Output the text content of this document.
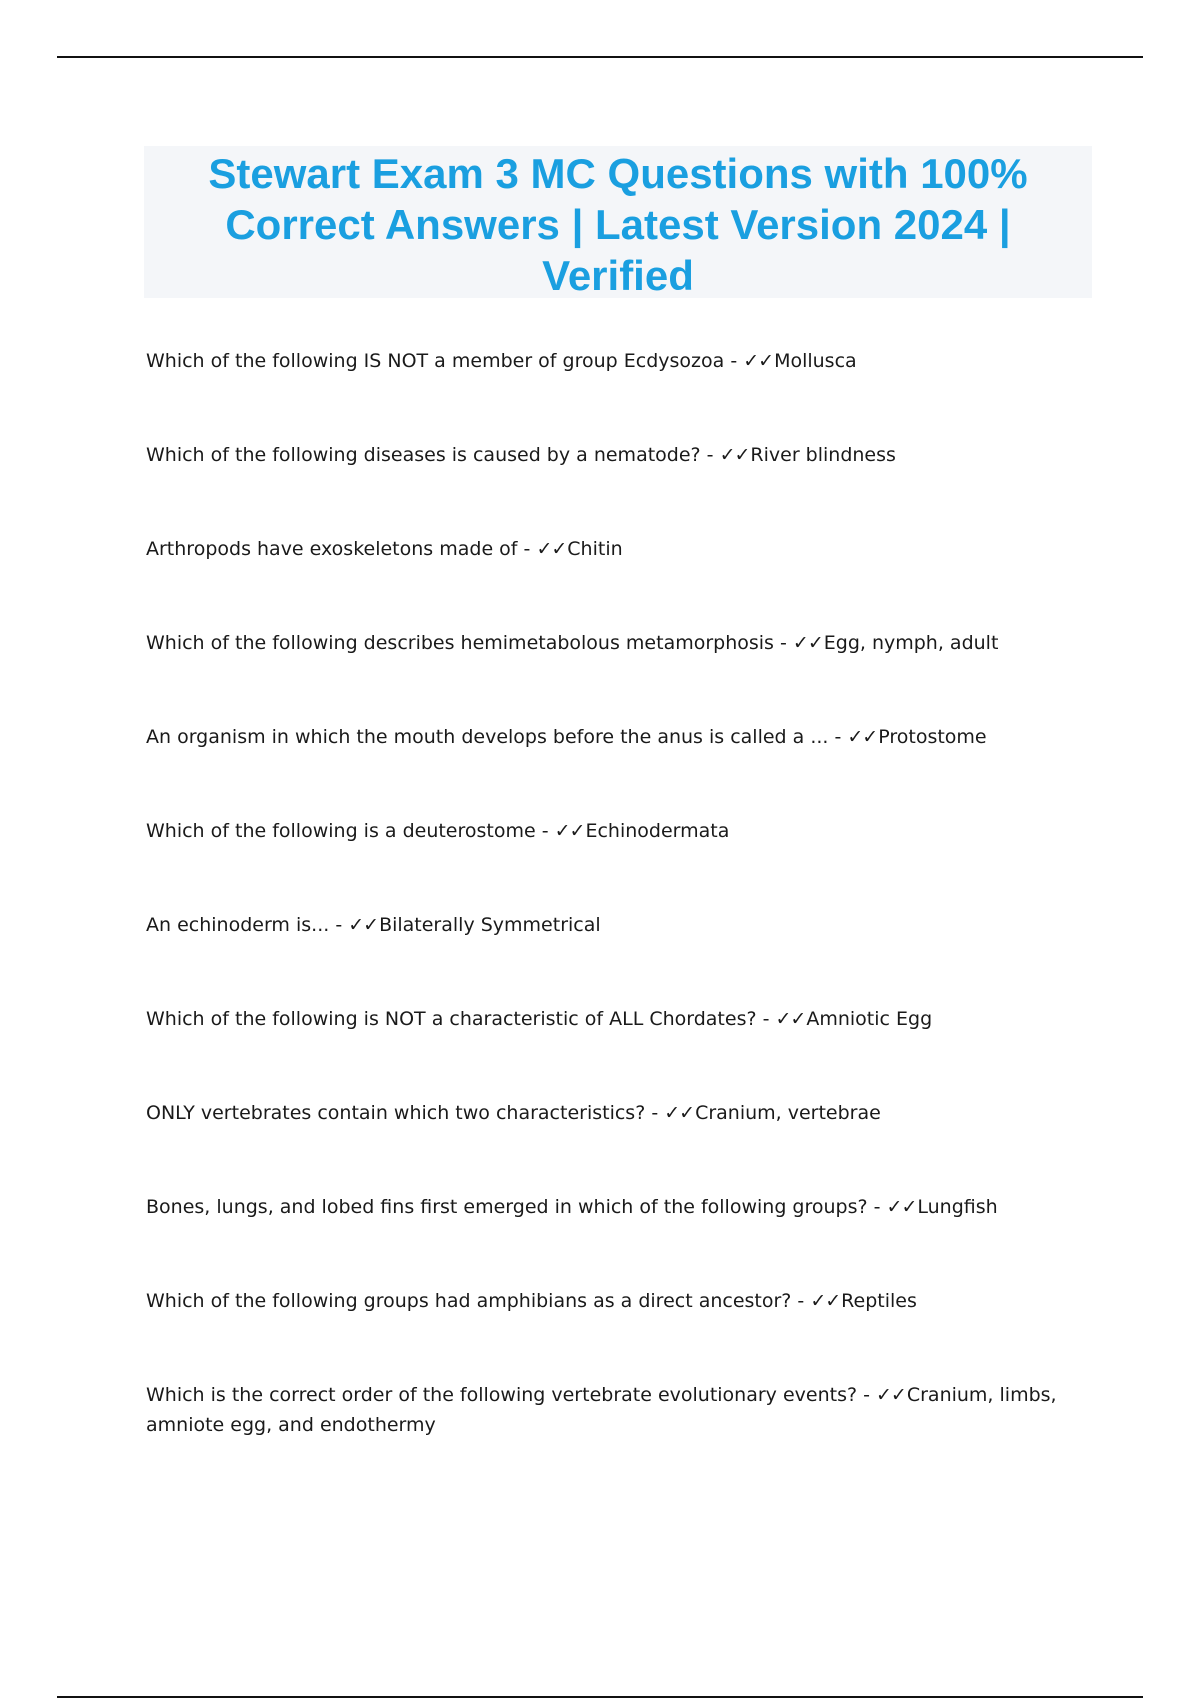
Stewart Exam 3 MC Questions with 100% Correct Answers | Latest Version 2024 | Verified
Which of the following IS NOT a member of group Ecdysozoa - ✓✓Mollusca
Which of the following diseases is caused by a nematode? - ✓✓River blindness
Arthropods have exoskeletons made of - ✓✓Chitin
Which of the following describes hemimetabolous metamorphosis - ✓✓Egg, nymph, adult
An organism in which the mouth develops before the anus is called a ... - ✓✓Protostome
Which of the following is a deuterostome - ✓✓Echinodermata
An echinoderm is... - ✓✓Bilaterally Symmetrical
Which of the following is NOT a characteristic of ALL Chordates? - ✓✓Amniotic Egg
ONLY vertebrates contain which two characteristics? - ✓✓Cranium, vertebrae
Bones, lungs, and lobed fins first emerged in which of the following groups? - ✓✓Lungfish
Which of the following groups had amphibians as a direct ancestor? - ✓✓Reptiles
Which is the correct order of the following vertebrate evolutionary events? - ✓✓Cranium, limbs, amniote egg, and endothermy
